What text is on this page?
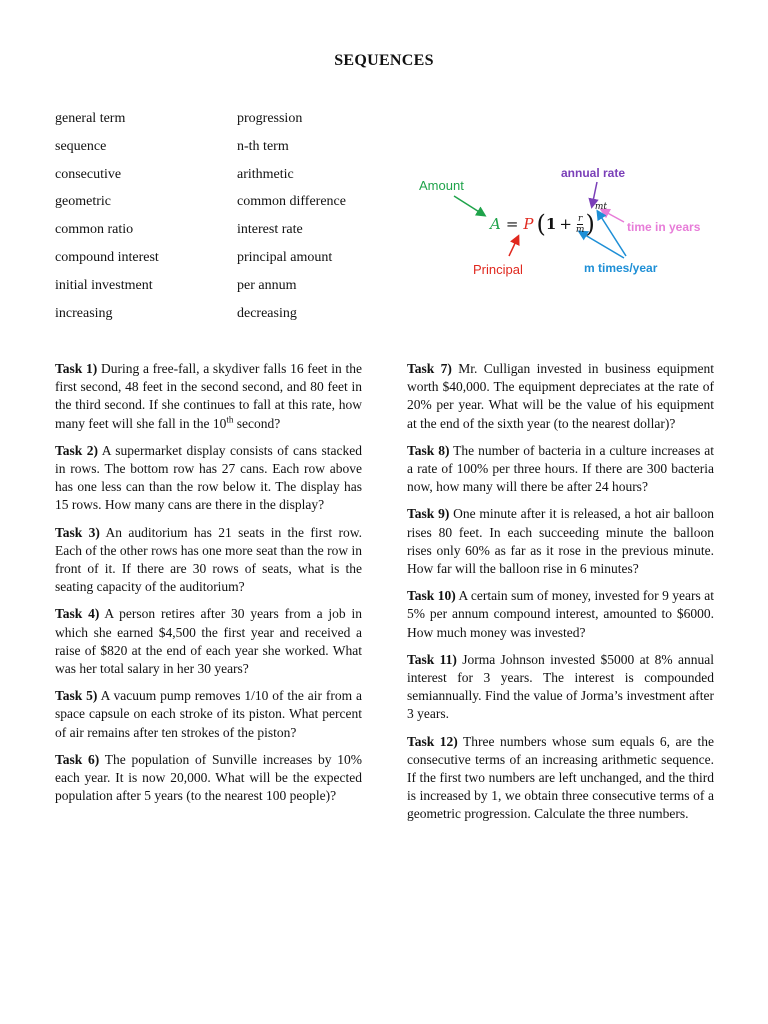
SEQUENCES
general term	progression
sequence	n-th term
consecutive	arithmetic
geometric	common difference
common ratio	interest rate
compound interest	principal amount
initial investment	per annum
increasing	decreasing
Amount
annual rate
time in years
Principal	m times/year
A = P ( $1 + \frac{r}{m}$ )
mt

Task 1) During a free-fall, a skydiver falls 16 feet in the first second, 48 feet in the second second, and 80 feet in the third second. If she continues to fall at this rate, how many feet will she fall in the 10th second?

Task 2) A supermarket display consists of cans stacked in rows. The bottom row has 27 cans. Each row above has one less can than the row below it. The display has 15 rows. How many cans are there in the display?

Task 3) An auditorium has 21 seats in the first row. Each of the other rows has one more seat than the row in front of it. If there are 30 rows of seats, what is the seating capacity of the auditorium?

Task 4) A person retires after 30 years from a job in which she earned $4,500 the first year and received a raise of $820 at the end of each year she worked. What was her total salary in her 30 years?

Task 5) A vacuum pump removes 1/10 of the air from a space capsule on each stroke of its piston. What percent of air remains after ten strokes of the piston?

Task 6) The population of Sunville increases by 10% each year. It is now 20,000. What will be the expected population after 5 years (to the nearest 100 people)?

Task 7) Mr. Culligan invested in business equipment worth $40,000. The equipment depreciates at the rate of 20% per year. What will be the value of his equipment at the end of the sixth year (to the nearest dollar)?

Task 8) The number of bacteria in a culture increases at a rate of 100% per three hours. If there are 300 bacteria now, how many will there be after 24 hours?

Task 9) One minute after it is released, a hot air balloon rises 80 feet. In each succeeding minute the balloon rises only 60% as far as it rose in the previous minute. How far will the balloon rise in 6 minutes?

Task 10) A certain sum of money, invested for 9 years at 5% per annum compound interest, amounted to $6000. How much money was invested?

Task 11) Jorma Johnson invested $5000 at 8% annual interest for 3 years. The interest is compounded semiannually. Find the value of Jorma’s investment after 3 years.

Task 12) Three numbers whose sum equals 6, are the consecutive terms of an increasing arithmetic sequence. If the first two numbers are left unchanged, and the third is increased by 1, we obtain three consecutive terms of a geometric progression. Calculate the three numbers.
